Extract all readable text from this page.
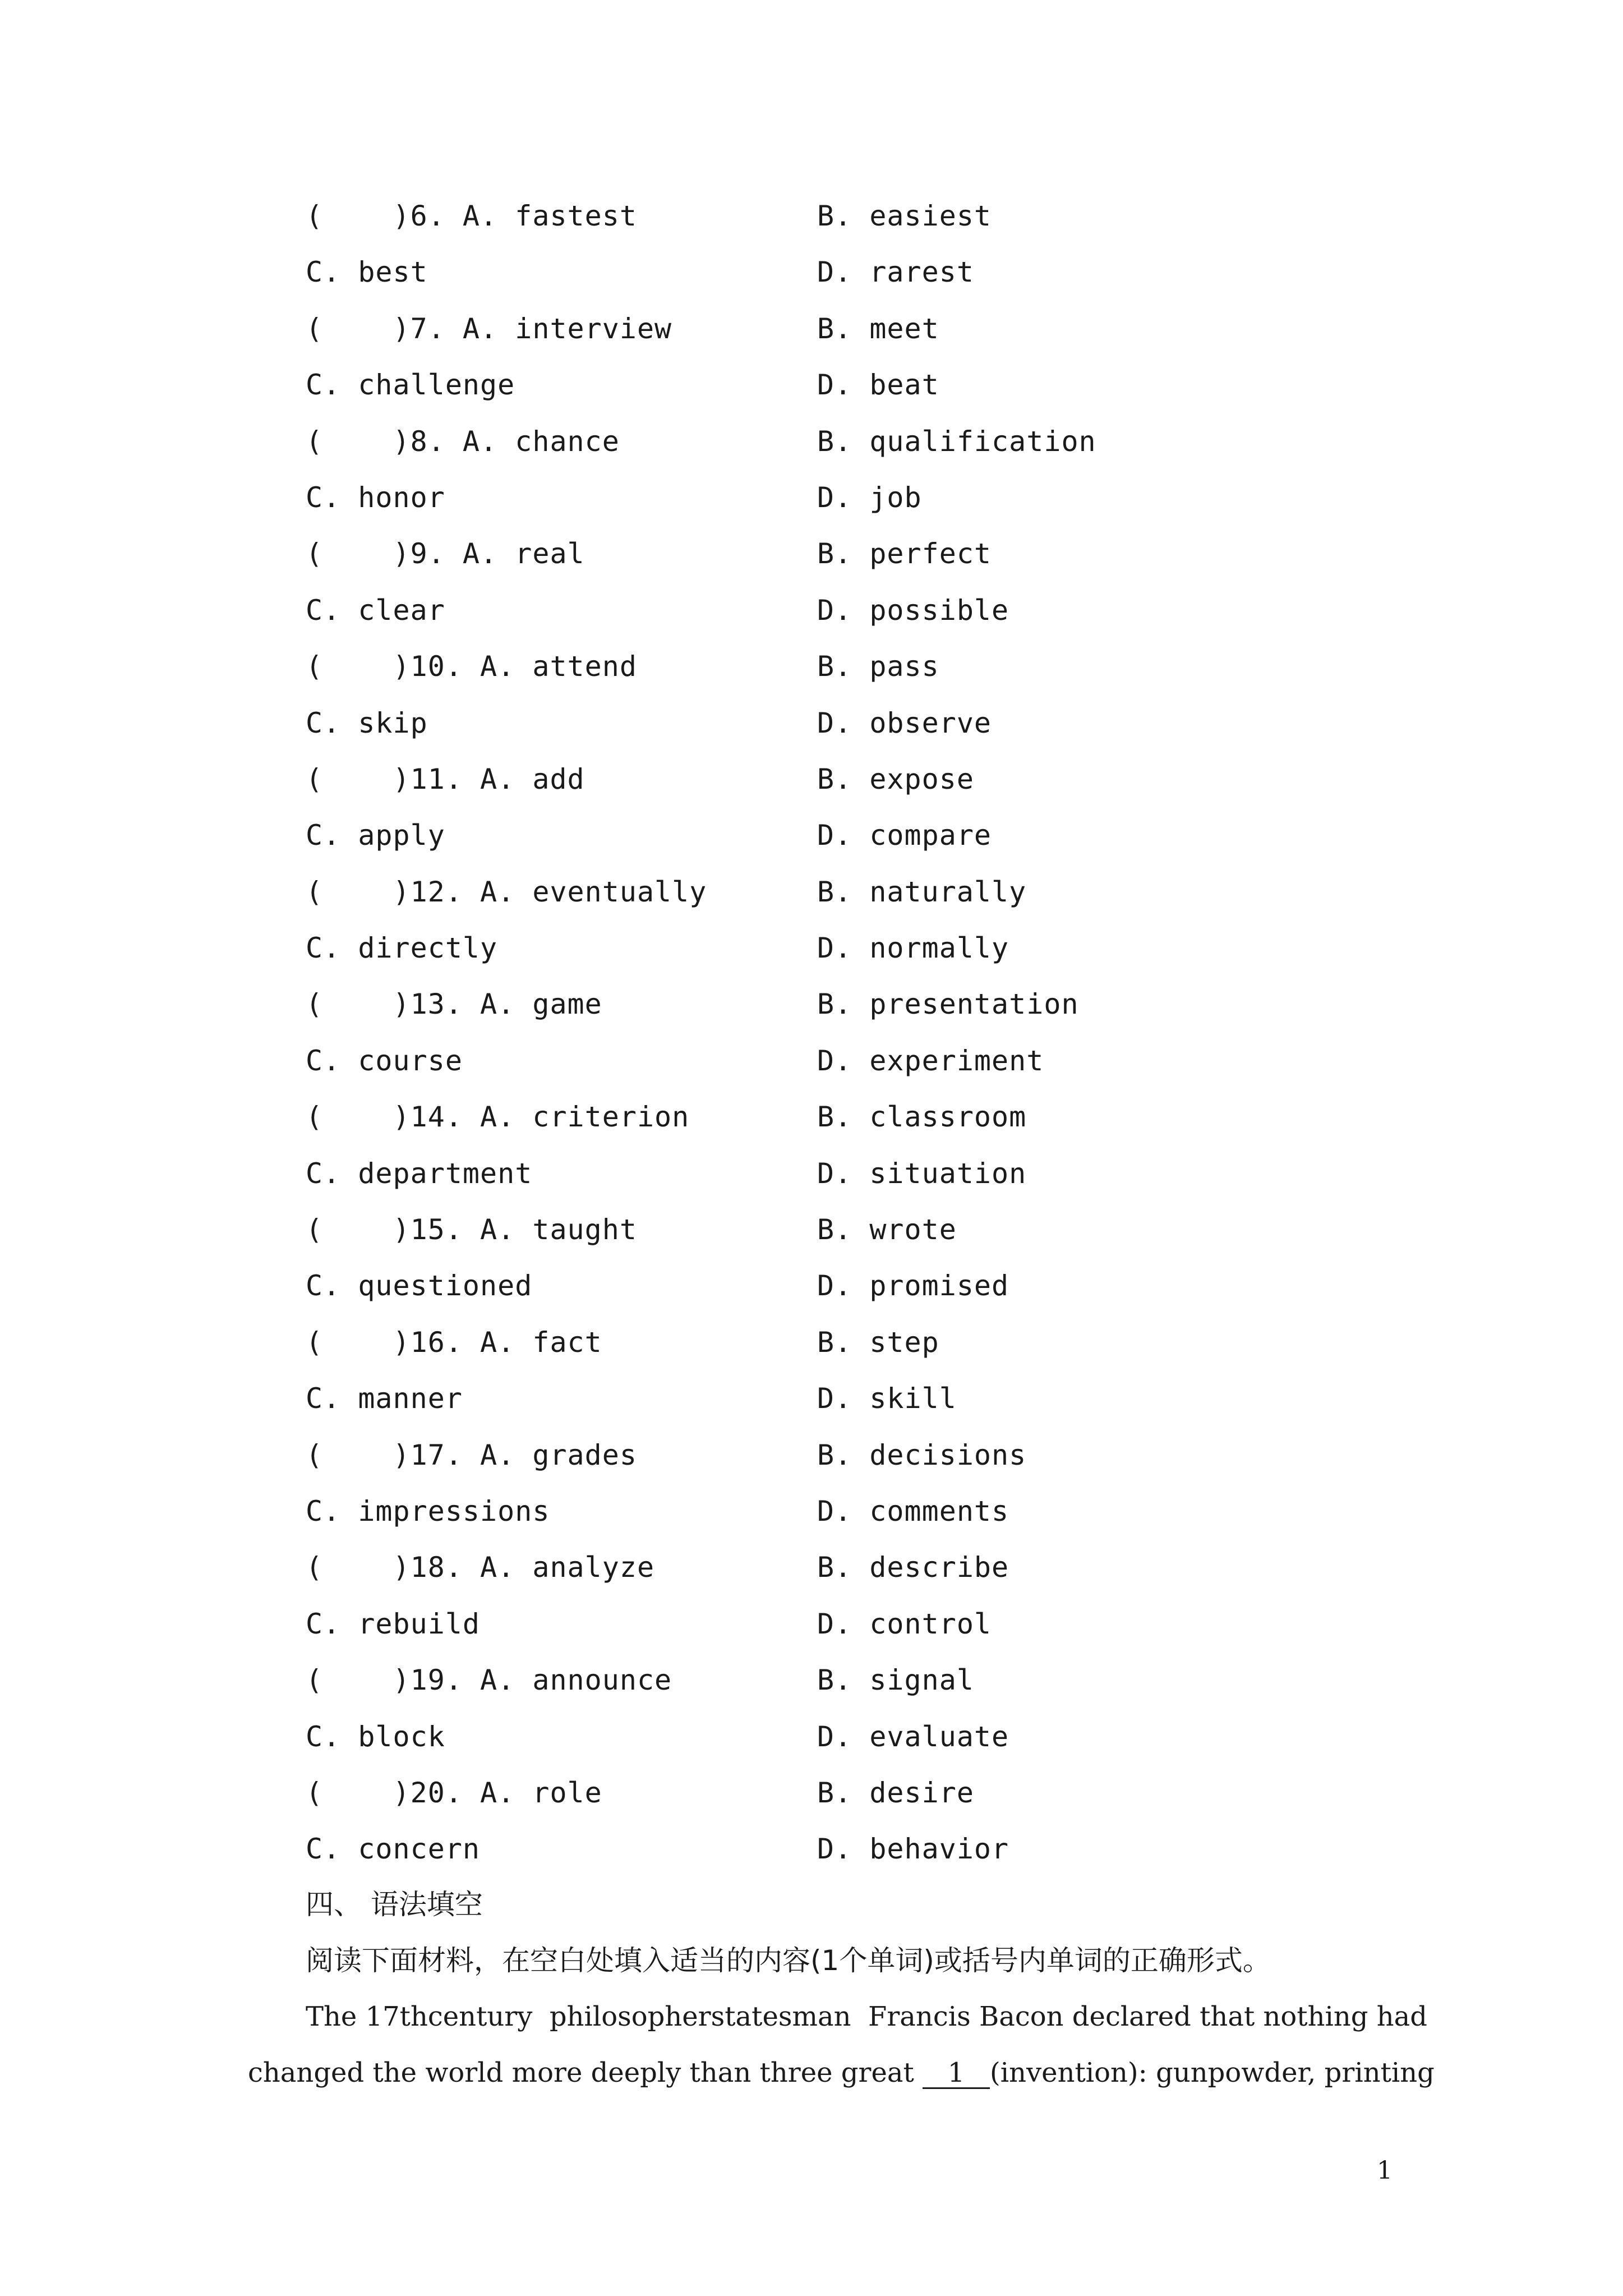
(    )6. A. fastest	B. easiest
C. best	D. rarest
(    )7. A. interview	B. meet
C. challenge	D. beat
(    )8. A. chance	B. qualification
C. honor	D. job
(    )9. A. real	B. perfect
C. clear	D. possible
(    )10. A. attend	B. pass
C. skip	D. observe
(    )11. A. add	B. expose
C. apply	D. compare
(    )12. A. eventually	B. naturally
C. directly	D. normally
(    )13. A. game	B. presentation
C. course	D. experiment
(    )14. A. criterion	B. classroom
C. department	D. situation
(    )15. A. taught	B. wrote
C. questioned	D. promised
(    )16. A. fact	B. step
C. manner	D. skill
(    )17. A. grades	B. decisions
C. impressions	D. comments
(    )18. A. analyze	B. describe
C. rebuild	D. control
(    )19. A. announce	B. signal
C. block	D. evaluate
(    )20. A. role	B. desire
C. concern	D. behavior
四、 语法填空
阅读下面材料，在空白处填入适当的内容(1个单词)或括号内单词的正确形式。
The 17thcentury  philosopherstatesman  Francis Bacon declared that nothing had
changed the world more deeply than three great 1 (invention): gunpowder, printing
1
